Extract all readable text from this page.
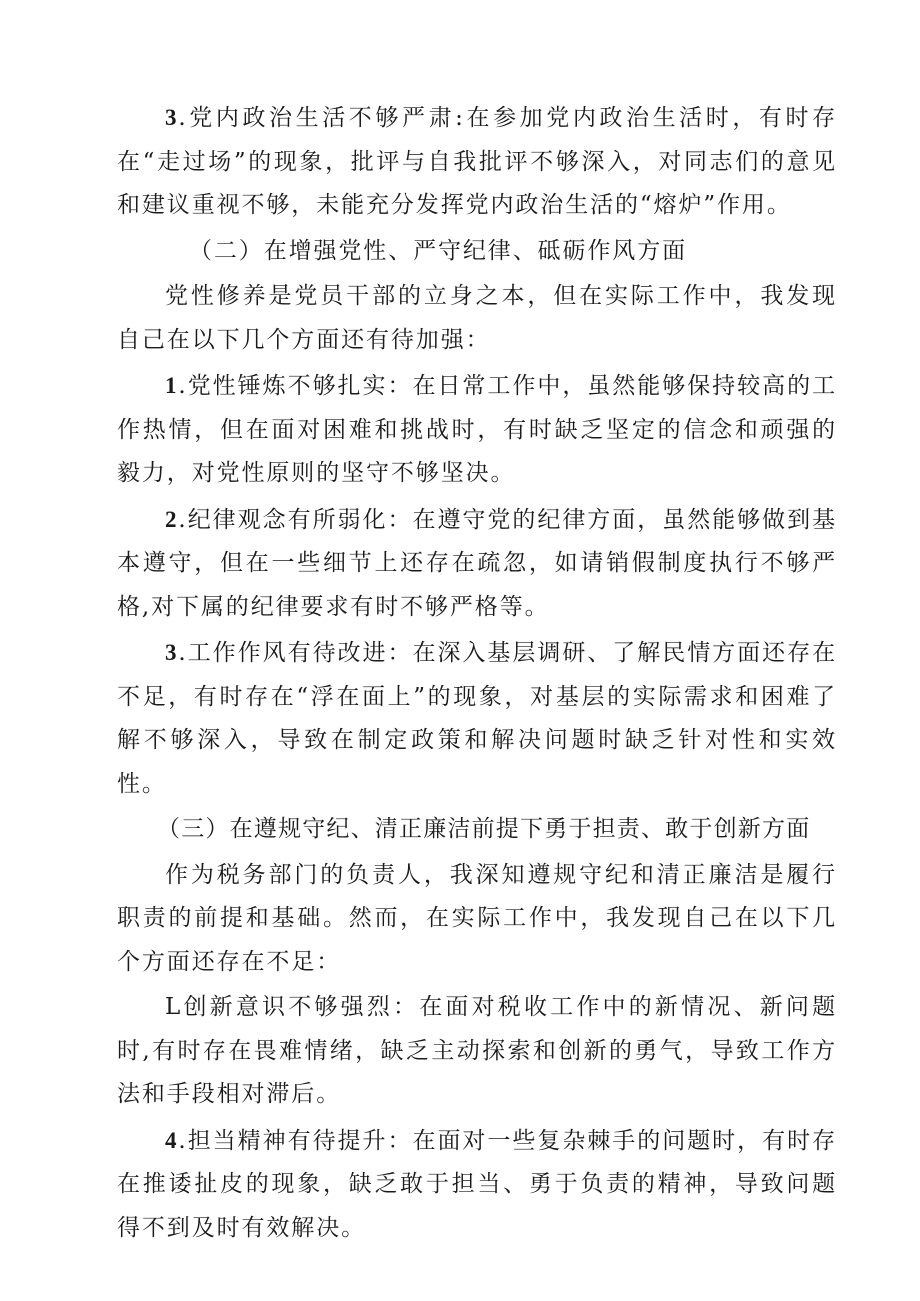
3.党内政治生活不够严肃:在参加党内政治生活时，有时存在“走过场”的现象，批评与自我批评不够深入，对同志们的意见和建议重视不够，未能充分发挥党内政治生活的“熔炉”作用。

（二）在增强党性、严守纪律、砥砺作风方面

党性修养是党员干部的立身之本，但在实际工作中，我发现自己在以下几个方面还有待加强：

1.党性锤炼不够扎实：在日常工作中，虽然能够保持较高的工作热情，但在面对困难和挑战时，有时缺乏坚定的信念和顽强的毅力，对党性原则的坚守不够坚决。

2.纪律观念有所弱化：在遵守党的纪律方面，虽然能够做到基本遵守，但在一些细节上还存在疏忽，如请销假制度执行不够严格,对下属的纪律要求有时不够严格等。

3.工作作风有待改进：在深入基层调研、了解民情方面还存在不足，有时存在“浮在面上”的现象，对基层的实际需求和困难了解不够深入，导致在制定政策和解决问题时缺乏针对性和实效性。

（三）在遵规守纪、清正廉洁前提下勇于担责、敢于创新方面

作为税务部门的负责人，我深知遵规守纪和清正廉洁是履行职责的前提和基础。然而，在实际工作中，我发现自己在以下几个方面还存在不足：

L创新意识不够强烈：在面对税收工作中的新情况、新问题时,有时存在畏难情绪，缺乏主动探索和创新的勇气，导致工作方法和手段相对滞后。

4.担当精神有待提升：在面对一些复杂棘手的问题时，有时存在推诿扯皮的现象，缺乏敢于担当、勇于负责的精神，导致问题得不到及时有效解决。
